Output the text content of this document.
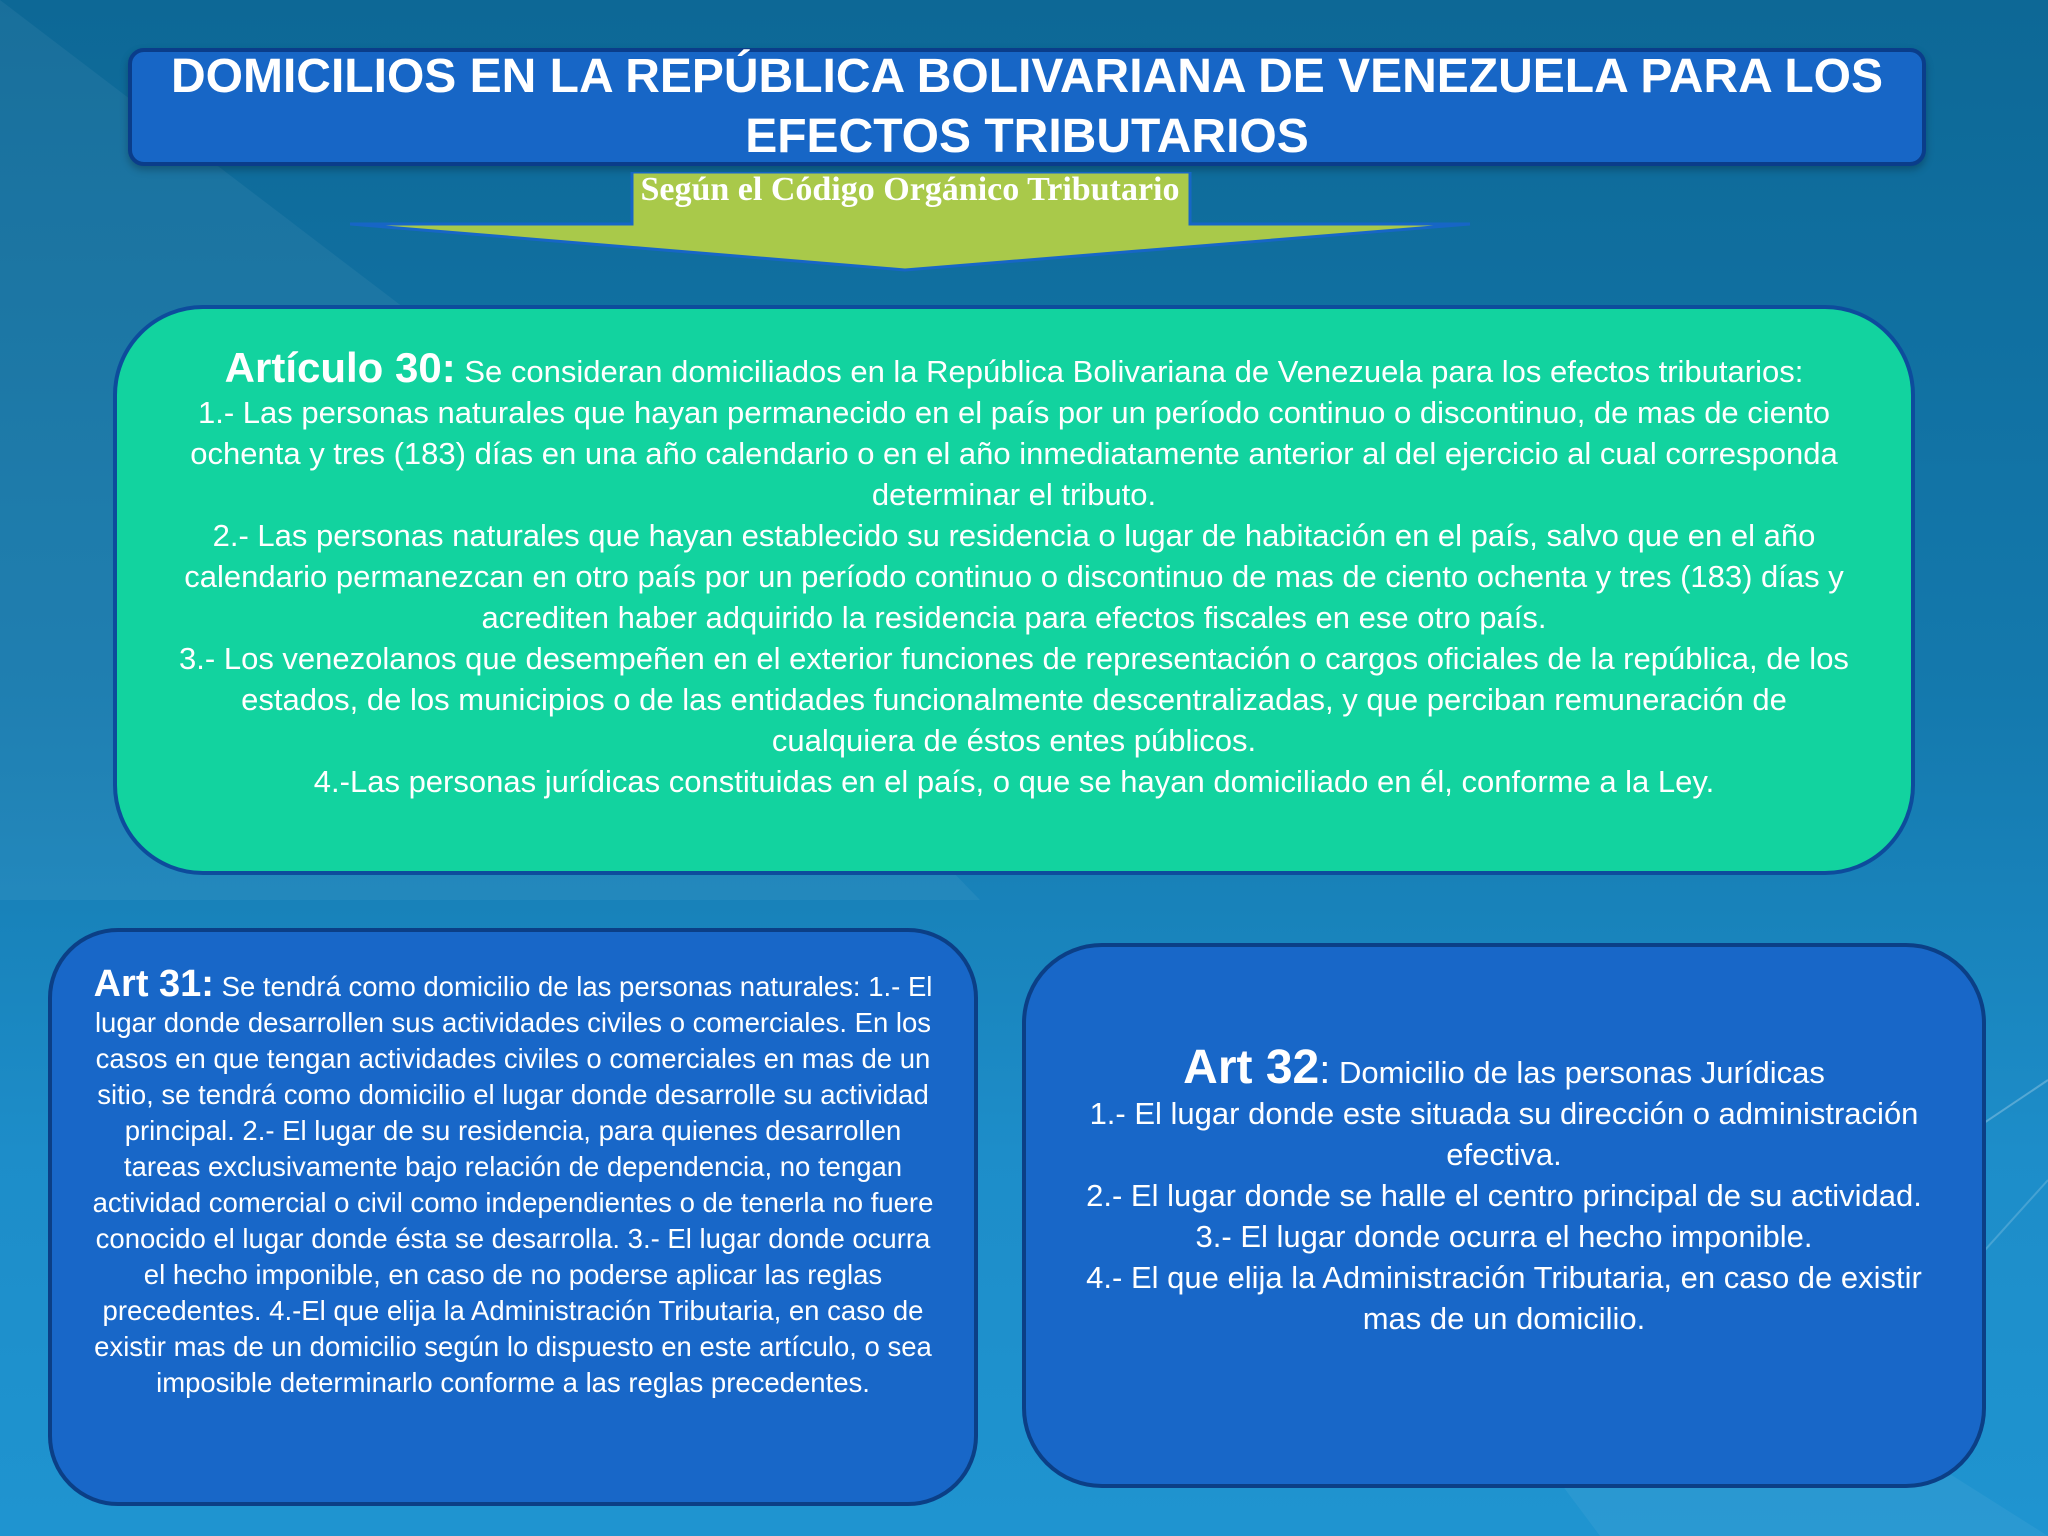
DOMICILIOS EN LA REPÚBLICA BOLIVARIANA DE VENEZUELA PARA LOS EFECTOS TRIBUTARIOS
Según el Código Orgánico Tributario
Artículo 30: Se consideran domiciliados en la República Bolivariana de Venezuela para los efectos tributarios:
1.- Las personas naturales que hayan permanecido en el país por un período continuo o discontinuo, de mas de ciento ochenta y tres (183) días en una año calendario o en el año inmediatamente anterior al del ejercicio al cual corresponda determinar el tributo.
2.- Las personas naturales que hayan establecido su residencia o lugar de habitación en el país, salvo que en el año calendario permanezcan en otro país por un período continuo o discontinuo de mas de ciento ochenta y tres (183) días y acrediten haber adquirido la residencia para efectos fiscales en ese otro país.
3.- Los venezolanos que desempeñen en el exterior funciones de representación o cargos oficiales de la república, de los estados, de los municipios o de las entidades funcionalmente descentralizadas, y que perciban remuneración de cualquiera de éstos entes públicos.
4.-Las personas jurídicas constituidas en el país, o que se hayan domiciliado en él, conforme a la Ley.
Art 31: Se tendrá como domicilio de las personas naturales: 1.- El lugar donde desarrollen sus actividades civiles o comerciales. En los casos en que tengan actividades civiles o comerciales en mas de un sitio, se tendrá como domicilio el lugar donde desarrolle su actividad principal. 2.- El lugar de su residencia, para quienes desarrollen tareas exclusivamente bajo relación de dependencia, no tengan actividad comercial o civil como independientes o de tenerla no fuere conocido el lugar donde ésta se desarrolla. 3.- El lugar donde ocurra el hecho imponible, en caso de no poderse aplicar las reglas precedentes. 4.-El que elija la Administración Tributaria, en caso de existir mas de un domicilio según lo dispuesto en este artículo, o sea imposible determinarlo conforme a las reglas precedentes.
Art 32: Domicilio de las personas Jurídicas
1.- El lugar donde este situada su dirección o administración efectiva.
2.- El lugar donde se halle el centro principal de su actividad.
3.- El lugar donde ocurra el hecho imponible.
4.- El que elija la Administración Tributaria, en caso de existir mas de un domicilio.
